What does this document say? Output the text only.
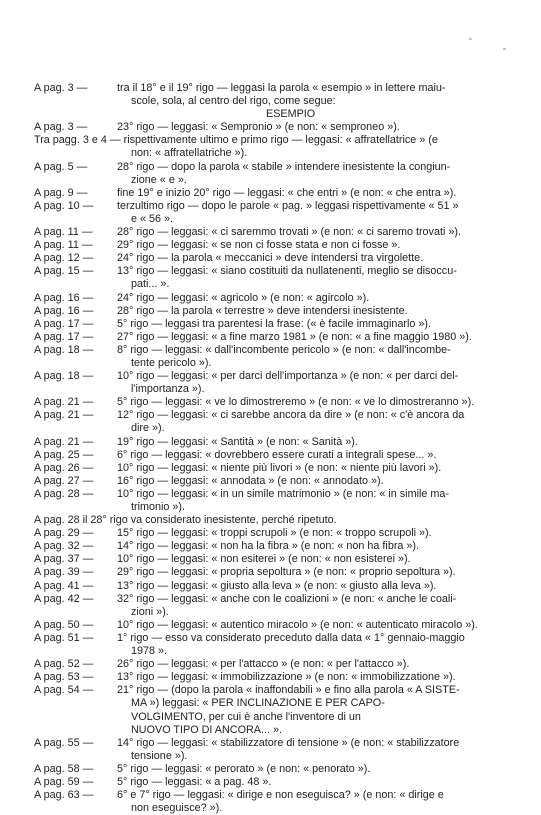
A pag. 3 —	tra il 18° e il 19° rigo — leggasi la parola « esempio » in lettere maiu-
scole, sola, al centro del rigo, come segue:
ESEMPIO
A pag. 3 —	23° rigo — leggasi: « Sempronio » (e non: « semproneo »).
Tra pagg. 3 e 4 — rispettivamente ultimo e primo rigo — leggasi: « affratellatrice » (e
non: « affratellatriche »).
A pag. 5 —	28° rigo — dopo la parola « stabile » intendere inesistente la congiun-
zione « e ».
A pag. 9 —	fine 19° e inizio 20° rigo — leggasi: « che entri » (e non: « che entra »).
A pag. 10 — terzultimo rigo — dopo le parole « pag. » leggasi rispettivamente « 51 »
e « 56 ».
A pag. 11 — 28° rigo — leggasi: « ci saremmo trovati » (e non: « ci saremo trovati »).
A pag. 11 — 29° rigo — leggasi: « se non ci fosse stata e non ci fosse ».
A pag. 12 — 24° rigo — la parola « meccanici » deve intendersi tra virgolette.
A pag. 15 — 13° rigo — leggasi: « siano costituiti da nullatenenti, meglio se disoccu-
pati... ».
A pag. 16 — 24° rigo — leggasi: « agricolo » (e non: « agircolo »).
A pag. 16 — 28° rigo — la parola « terrestre » deve intendersi inesistente.
A pag. 17 — 5° rigo — leggasi tra parentesi la frase: (« è facile immaginarlo »).
A pag. 17 — 27° rigo — leggasi: « a fine marzo 1981 » (e non: « a fine maggio 1980 »).
A pag. 18 — 8° rigo — leggasi: « dall'incombente pericolo » (e non: « dall'incombe-
tente pericolo »).
A pag. 18 — 10° rigo — leggasi: « per darci dell'importanza » (e non: « per darci del-
l'importanza »).
A pag. 21 — 5° rigo — leggasi: « ve lo dimostreremo » (e non: « ve lo dimostreranno »).
A pag. 21 — 12° rigo — leggasi: « ci sarebbe ancora da dire » (e non: « c'è ancora da
dire »).
A pag. 21 — 19° rigo — leggasi: « Santità » (e non: « Sanità »).
A pag. 25 — 6° rigo — leggasi: « dovrebbero essere curati a integrali spese... ».
A pag. 26 — 10° rigo — leggasi: « niente più livori » (e non: « niente più lavori »).
A pag. 27 — 16° rigo — leggasi: « annodata » (e non: « annodato »).
A pag. 28 — 10° rigo — leggasi: « in un simile matrimonio » (e non: « in simile ma-
trimonio »).
A pag. 28 il 28° rigo va considerato inesistente, perché ripetuto.
A pag. 29 — 15° rigo — leggasi: « troppi scrupoli » (e non: « troppo scrupoli »).
A pag. 32 — 14° rigo — leggasi: « non ha la fibra » (e non: « non ha fibra »).
A pag. 37 — 10° rigo — leggasi: « non esiterei » (e non: « non esisterei »).
A pag. 39 — 29° rigo — leggasi: « propria sepoltura » (e non: « proprio sepoltura »).
A pag. 41 — 13° rigo — leggasi: « giusto alla leva » (e non: « giusto alla leva »).
A pag. 42 — 32° rigo — leggasi: « anche con le coalizioni » (e non: « anche le coali-
zioni »).
A pag. 50 — 10° rigo — leggasi: « autentico miracolo » (e non: « autenticato miracolo »).
A pag. 51 — 1° rigo — esso va considerato preceduto dalla data « 1° gennaio-maggio
1978 ».
A pag. 52 — 26° rigo — leggasi: « per l'attacco » (e non: « per l'attacco »).
A pag. 53 — 13° rigo — leggasi: « immobilizzazione » (e non: « immobilizzatione »).
A pag. 54 — 21° rigo — (dopo la parola « inaffondabili » e fino alla parola « A SISTE-
MA ») leggasi: « PER INCLINAZIONE E PER CAPO-
VOLGIMENTO, per cui è anche l'inventore di un
NUOVO TIPO DI ANCORA... ».
A pag. 55 — 14° rigo — leggasi: « stabilizzatore di tensione » (e non: « stabilizzatore
tensione »).
A pag. 58 — 5° rigo — leggasi: « perorato » (e non: « penorato »).
A pag. 59 — 5° rigo — leggasi: « a pag. 48 ».
A pag. 63 — 6° e 7° rigo — leggasi: « dirige e non eseguisca? » (e non: « dirige e
non eseguisce? »).
